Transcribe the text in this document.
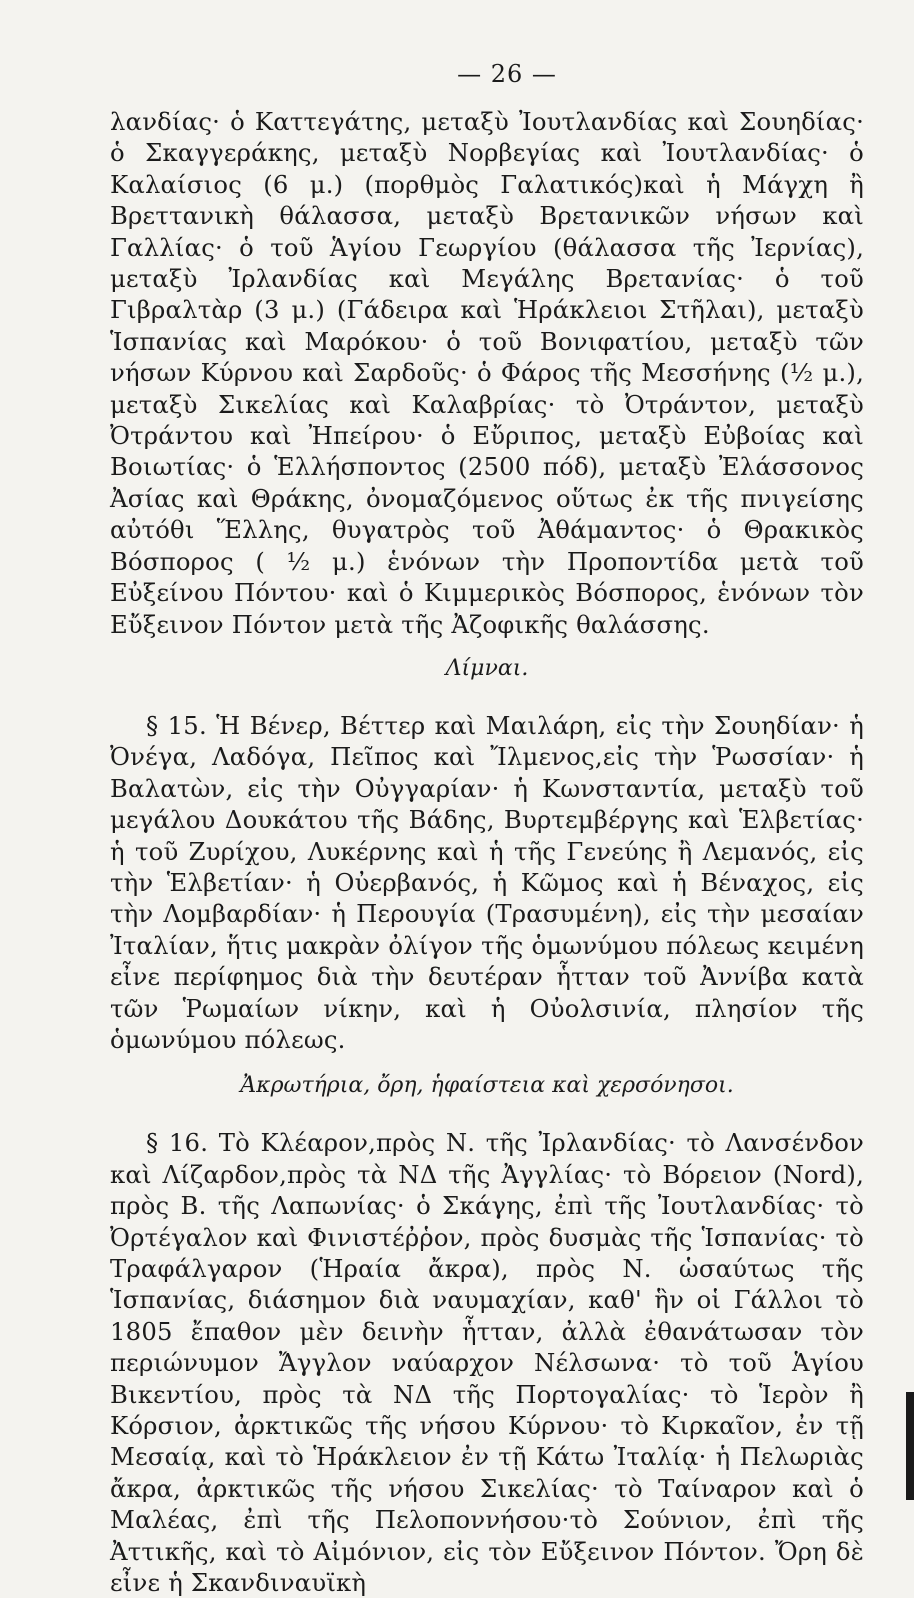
— 26 —

λανδίας· ὁ Καττεγάτης, μεταξὺ Ἰουτλανδίας καὶ Σουηδίας· ὁ Σκαγγεράκης, μεταξὺ Νορβεγίας καὶ Ἰουτλανδίας· ὁ Καλαίσιος (6 μ.) (πορθμὸς Γαλατικός)καὶ ἡ Μάγχη ἢ Βρεττανικὴ θάλασσα, μεταξὺ Βρετανικῶν νήσων καὶ Γαλλίας· ὁ τοῦ Ἁγίου Γεωργίου (θάλασσα τῆς Ἰερνίας), μεταξὺ Ἰρλανδίας καὶ Μεγάλης Βρετανίας· ὁ τοῦ Γιβραλτὰρ (3 μ.) (Γάδειρα καὶ Ἡράκλειοι Στῆλαι), μεταξὺ Ἱσπανίας καὶ Μαρόκου· ὁ τοῦ Βονιφατίου, μεταξὺ τῶν νήσων Κύρνου καὶ Σαρδοῦς· ὁ Φάρος τῆς Μεσσήνης (½ μ.), μεταξὺ Σικελίας καὶ Καλαβρίας· τὸ Ὀτράντον, μεταξὺ Ὀτράντου καὶ Ἠπείρου· ὁ Εὔριπος, μεταξὺ Εὐβοίας καὶ Βοιωτίας· ὁ Ἑλλήσποντος (2500 πόδ), μεταξὺ Ἐλάσσονος Ἀσίας καὶ Θράκης, ὀνομαζόμενος οὕτως ἐκ τῆς πνιγείσης αὐτόθι Ἕλλης, θυγατρὸς τοῦ Ἀθάμαντος· ὁ Θρακικὸς Βόσπορος ( ½ μ.) ἑνόνων τὴν Προποντίδα μετὰ τοῦ Εὐξείνου Πόντου· καὶ ὁ Κιμμερικὸς Βόσπορος, ἑνόνων τὸν Εὔξεινον Πόντον μετὰ τῆς Ἀζοφικῆς θαλάσσης.

Λίμναι.

§ 15. Ἡ Βένερ, Βέττερ καὶ Μαιλάρη, εἰς τὴν Σουηδίαν· ἡ Ὀνέγα, Λαδόγα, Πεῖπος καὶ Ἴλμενος,εἰς τὴν Ῥωσσίαν· ἡ Βαλατὼν, εἰς τὴν Οὐγγαρίαν· ἡ Κωνσταντία, μεταξὺ τοῦ μεγάλου Δουκάτου τῆς Βάδης, Βυρτεμβέργης καὶ Ἑλβετίας· ἡ τοῦ Ζυρίχου, Λυκέρνης καὶ ἡ τῆς Γενεύης ἢ Λεμανός, εἰς τὴν Ἑλβετίαν· ἡ Οὐερβανός, ἡ Κῶμος καὶ ἡ Βέναχος, εἰς τὴν Λομβαρδίαν· ἡ Περουγία (Τρασυμένη), εἰς τὴν μεσαίαν Ἰταλίαν, ἥτις μακρὰν ὀλίγον τῆς ὁμωνύμου πόλεως κειμένη εἶνε περίφημος διὰ τὴν δευτέραν ἧτταν τοῦ Ἀννίβα κατὰ τῶν Ῥωμαίων νίκην, καὶ ἡ Οὐολσινία, πλησίον τῆς ὁμωνύμου πόλεως.

Ἀκρωτήρια, ὄρη, ἡφαίστεια καὶ χερσόνησοι.

§ 16. Τὸ Κλέαρον,πρὸς Ν. τῆς Ἰρλανδίας· τὸ Λανσένδον καὶ Λίζαρδον,πρὸς τὰ ΝΔ τῆς Ἀγγλίας· τὸ Βόρειον (Nord), πρὸς Β. τῆς Λαπωνίας· ὁ Σκάγης, ἐπὶ τῆς Ἰουτλανδίας· τὸ Ὀρτέγαλον καὶ Φινιστέῤῥον, πρὸς δυσμὰς τῆς Ἱσπανίας· τὸ Τραφάλγαρον (Ἡραία ἄκρα), πρὸς Ν. ὡσαύτως τῆς Ἱσπανίας, διάσημον διὰ ναυμαχίαν, καθ' ἣν οἱ Γάλλοι τὸ 1805 ἔπαθον μὲν δεινὴν ἧτταν, ἀλλὰ ἐθανάτωσαν τὸν περιώνυμον Ἄγγλον ναύαρχον Νέλσωνα· τὸ τοῦ Ἁγίου Βικεντίου, πρὸς τὰ ΝΔ τῆς Πορτογαλίας· τὸ Ἱερὸν ἢ Κόρσιον, ἀρκτικῶς τῆς νήσου Κύρνου· τὸ Κιρκαῖον, ἐν τῇ Μεσαίᾳ, καὶ τὸ Ἡράκλειον ἐν τῇ Κάτω Ἰταλίᾳ· ἡ Πελωριὰς ἄκρα, ἀρκτικῶς τῆς νήσου Σικελίας· τὸ Ταίναρον καὶ ὁ Μαλέας, ἐπὶ τῆς Πελοποννήσου·τὸ Σούνιον, ἐπὶ τῆς Ἀττικῆς, καὶ τὸ Αἰμόνιον, εἰς τὸν Εὔξεινον Πόντον. Ὄρη δὲ εἶνε ἡ Σκανδιναυϊκὴ
